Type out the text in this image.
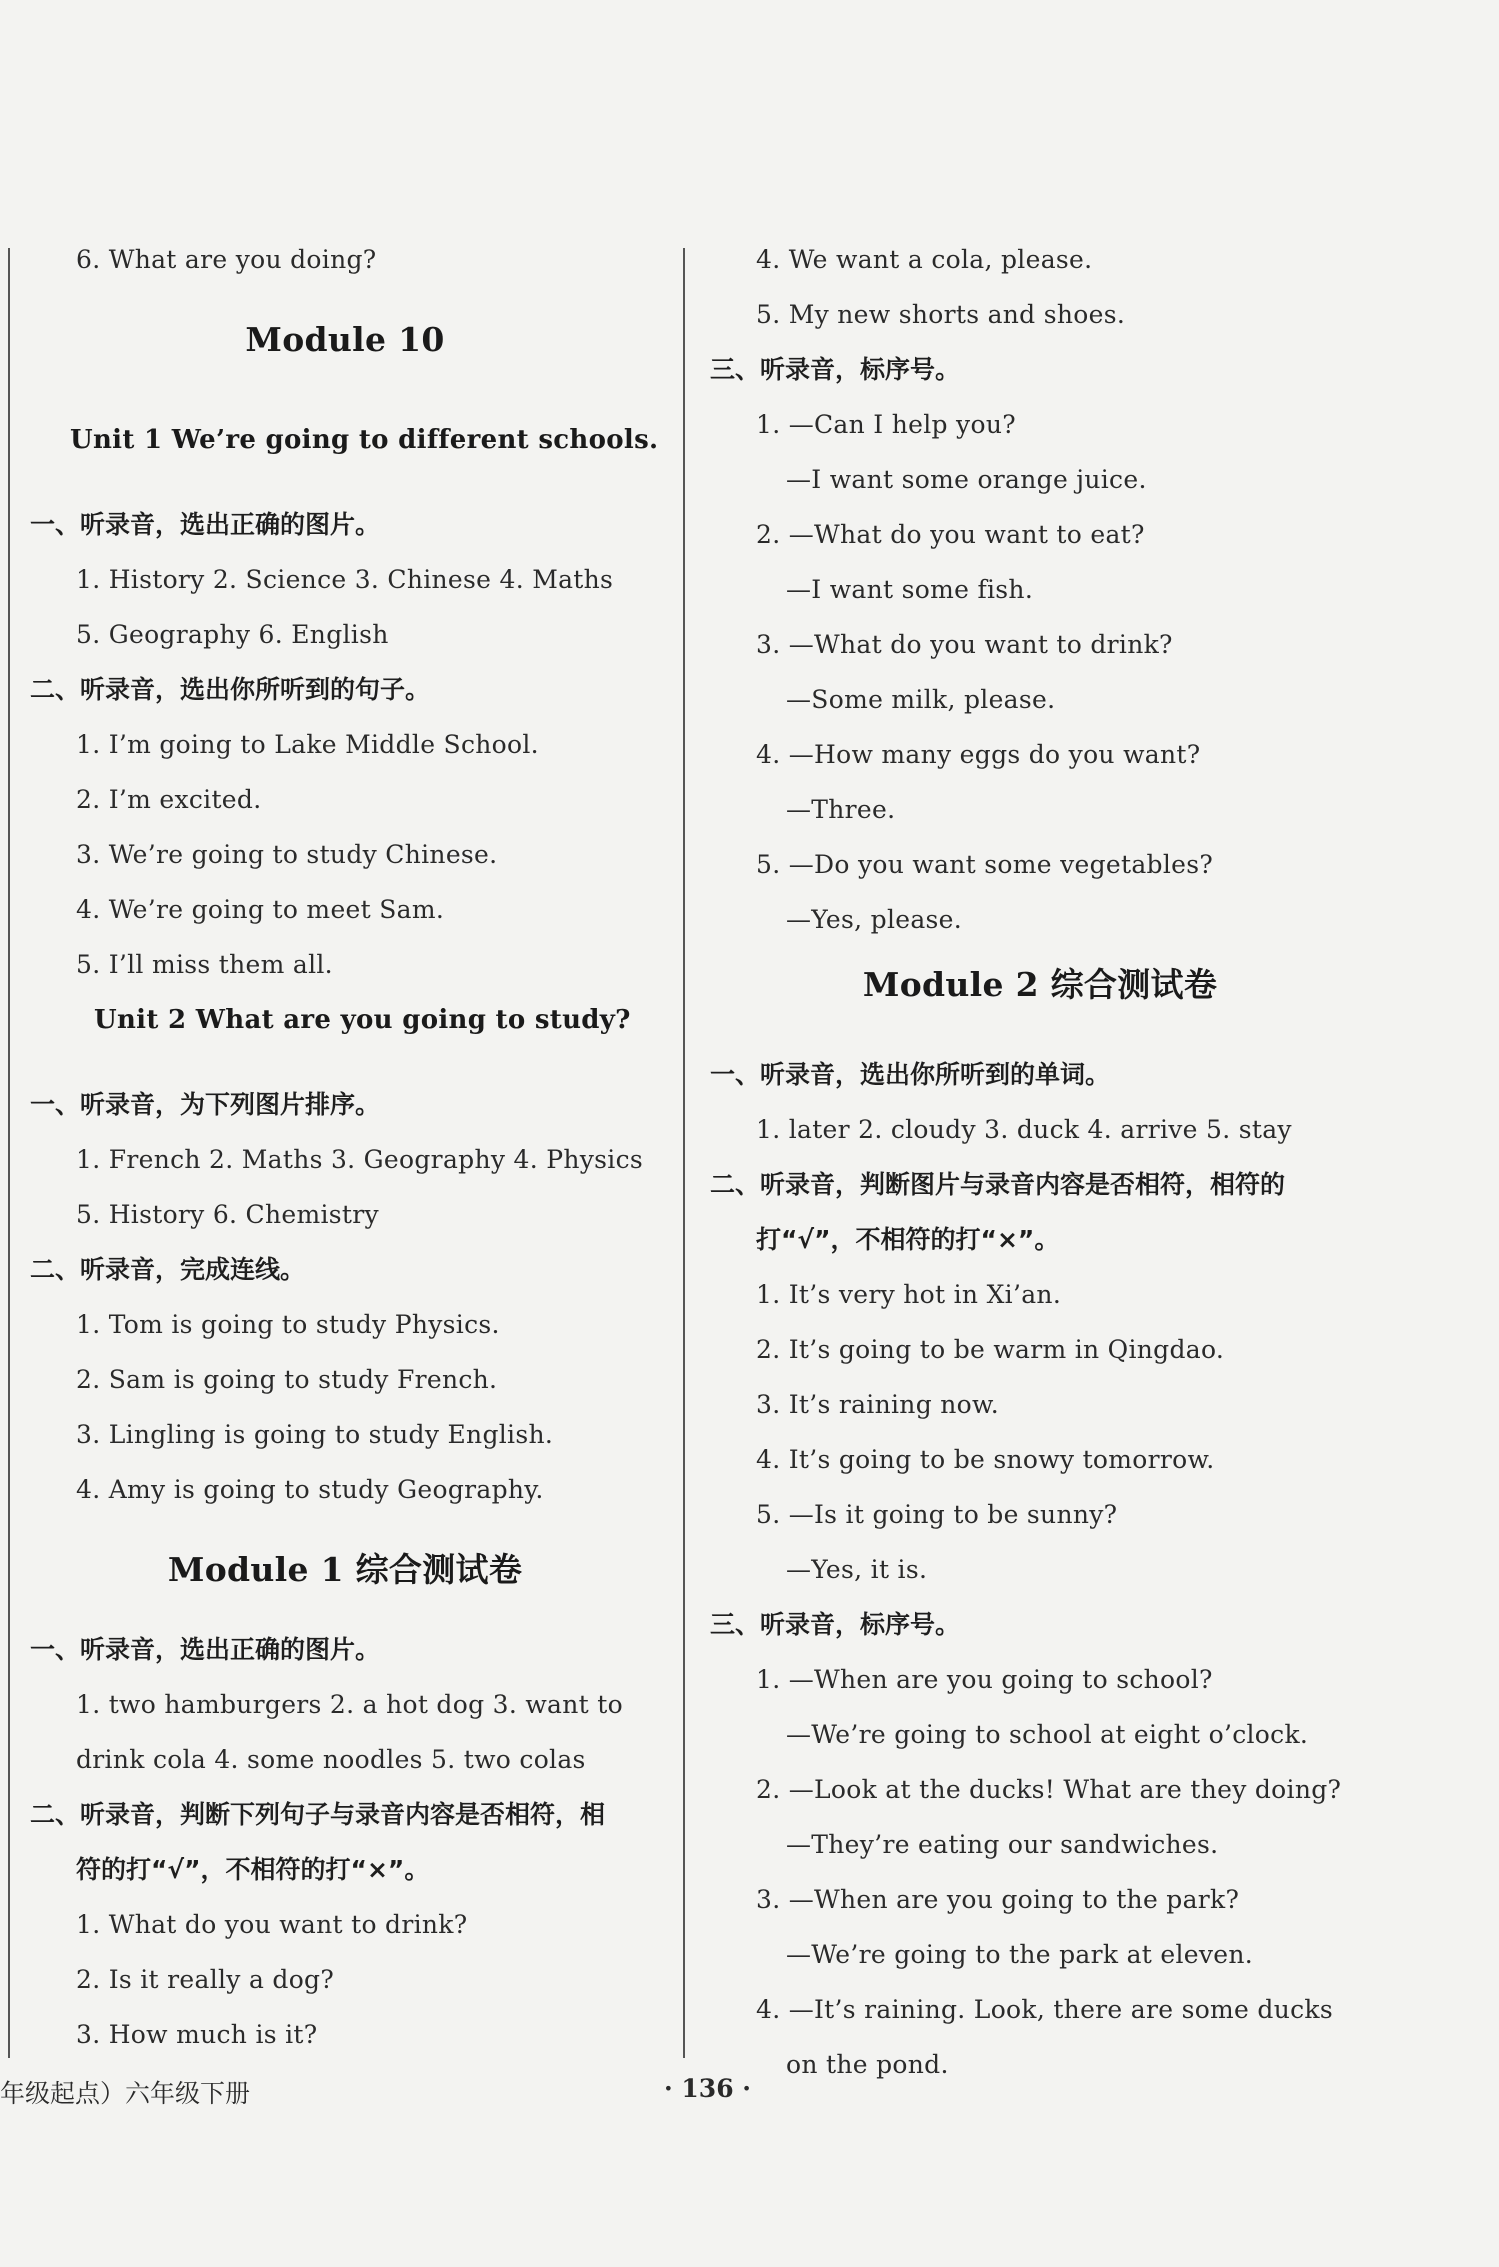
6. What are you doing?
Module 10
Unit 1 We’re going to different schools.
一、听录音，选出正确的图片。
1. History 2. Science 3. Chinese 4. Maths
5. Geography 6. English
二、听录音，选出你所听到的句子。
1. I’m going to Lake Middle School.
2. I’m excited.
3. We’re going to study Chinese.
4. We’re going to meet Sam.
5. I’ll miss them all.
Unit 2 What are you going to study?
一、听录音，为下列图片排序。
1. French 2. Maths 3. Geography 4. Physics
5. History 6. Chemistry
二、听录音，完成连线。
1. Tom is going to study Physics.
2. Sam is going to study French.
3. Lingling is going to study English.
4. Amy is going to study Geography.
Module 1 综合测试卷
一、听录音，选出正确的图片。
1. two hamburgers 2. a hot dog 3. want to
drink cola 4. some noodles 5. two colas
二、听录音，判断下列句子与录音内容是否相符，相
符的打“√”，不相符的打“×”。
1. What do you want to drink?
2. Is it really a dog?
3. How much is it?
4. We want a cola, please.
5. My new shorts and shoes.
三、听录音，标序号。
1. —Can I help you?
—I want some orange juice.
2. —What do you want to eat?
—I want some fish.
3. —What do you want to drink?
—Some milk, please.
4. —How many eggs do you want?
—Three.
5. —Do you want some vegetables?
—Yes, please.
Module 2 综合测试卷
一、听录音，选出你所听到的单词。
1. later 2. cloudy 3. duck 4. arrive 5. stay
二、听录音，判断图片与录音内容是否相符，相符的
打“√”，不相符的打“×”。
1. It’s very hot in Xi’an.
2. It’s going to be warm in Qingdao.
3. It’s raining now.
4. It’s going to be snowy tomorrow.
5. —Is it going to be sunny?
—Yes, it is.
三、听录音，标序号。
1. —When are you going to school?
—We’re going to school at eight o’clock.
2. —Look at the ducks! What are they doing?
—They’re eating our sandwiches.
3. —When are you going to the park?
—We’re going to the park at eleven.
4. —It’s raining. Look, there are some ducks
on the pond.
年级起点）六年级下册	· 136 ·
